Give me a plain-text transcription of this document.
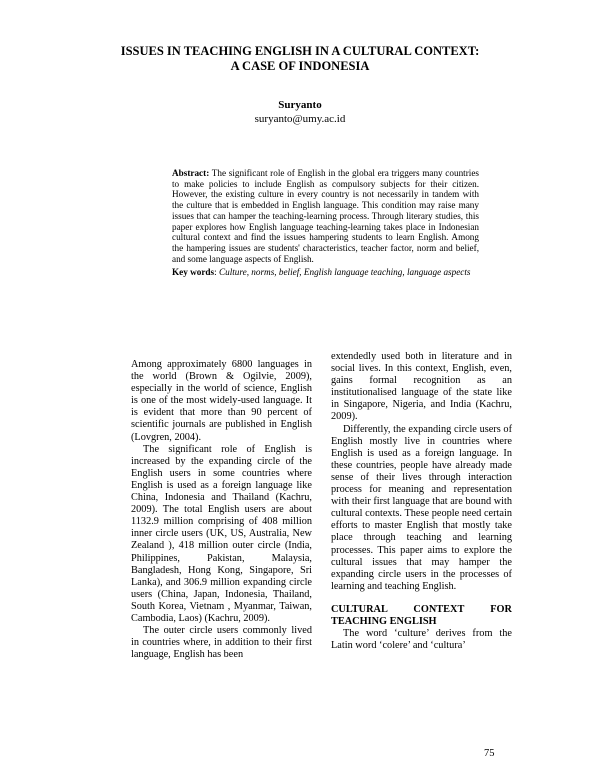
ISSUES IN TEACHING ENGLISH IN A CULTURAL CONTEXT:
A CASE OF INDONESIA
Suryanto
suryanto@umy.ac.id

Abstract: The significant role of English in the global era triggers many countries to make policies to include English as compulsory subjects for their citizen. However, the existing culture in every country is not necessarily in tandem with the culture that is embedded in English language. This condition may raise many issues that can hamper the teaching-learning process. Through literary studies, this paper explores how English language teaching-learning takes place in Indonesian cultural context and find the issues hampering students to learn English. Among the hampering issues are students' characteristics, teacher factor, norm and belief, and some language aspects of English.

Key words: Culture, norms, belief, English language teaching, language aspects

Among approximately 6800 languages in the world (Brown & Ogilvie, 2009), especially in the world of science, English is one of the most widely-used language. It is evident that more than 90 percent of scientific journals are published in English (Lovgren, 2004).

The significant role of English is increased by the expanding circle of the English users in some countries where English is used as a foreign language like China, Indonesia and Thailand (Kachru, 2009). The total English users are about 1132.9 million comprising of 408 million inner circle users (UK, US, Australia, New Zealand ), 418 million outer circle (India, Philippines, Pakistan, Malaysia, Bangladesh, Hong Kong, Singapore, Sri Lanka), and 306.9 million expanding circle users (China, Japan, Indonesia, Thailand, South Korea, Vietnam , Myanmar, Taiwan, Cambodia, Laos) (Kachru, 2009).

The outer circle users commonly lived in countries where, in addition to their first language, English has been

extendedly used both in literature and in social lives. In this context, English, even, gains formal recognition as an institutionalised language of the state like in Singapore, Nigeria, and India (Kachru, 2009).

Differently, the expanding circle users of English mostly live in countries where English is used as a foreign language. In these countries, people have already made sense of their lives through interaction process for meaning and representation with their first language that are bound with cultural contexts. These people need certain efforts to master English that mostly take place through teaching and learning processes. This paper aims to explore the cultural issues that may hamper the expanding circle users in the processes of learning and teaching English.

CULTURAL CONTEXT FOR TEACHING ENGLISH

The word ‘culture’ derives from the Latin word ‘colere’ and ‘cultura’

75
